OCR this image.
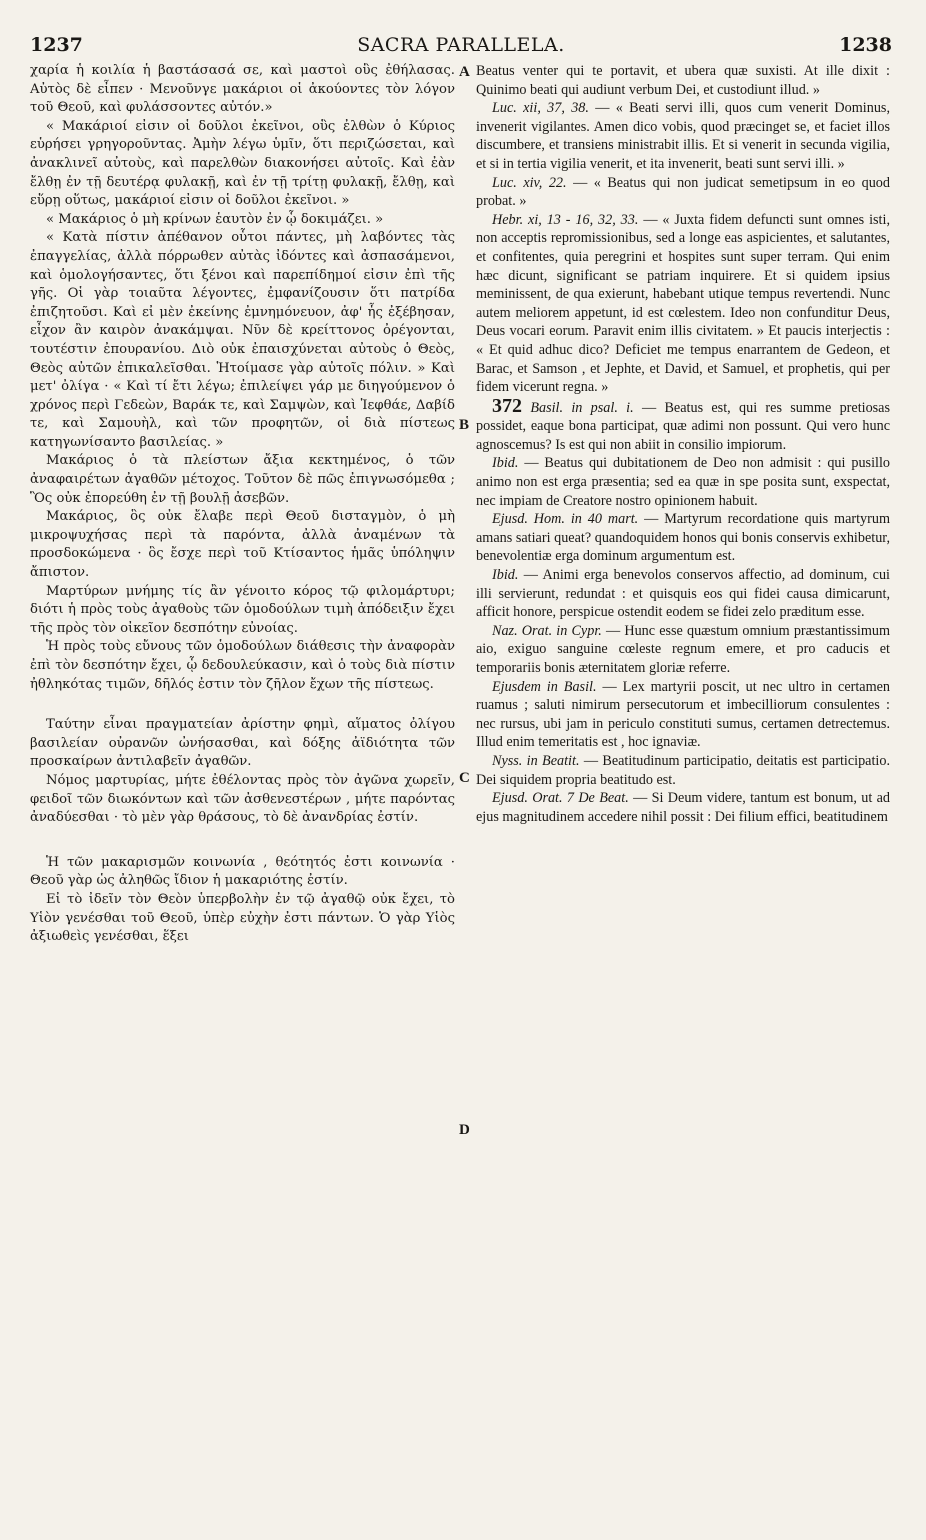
1237	SACRA PARALLELA.	1238
A
B
C
D

χαρία ἡ κοιλία ἡ βαστάσασά σε, καὶ μαστοὶ οὓς ἐθήλασας. Αὐτὸς δὲ εἶπεν · Μενοῦνγε μακάριοι οἱ ἀκούοντες τὸν λόγον τοῦ Θεοῦ, καὶ φυλάσσοντες αὐτόν.»

« Μακάριοί εἰσιν οἱ δοῦλοι ἐκεῖνοι, οὓς ἐλθὼν ὁ Κύριος εὑρήσει γρηγοροῦντας. Ἀμὴν λέγω ὑμῖν, ὅτι περιζώσεται, καὶ ἀνακλινεῖ αὐτοὺς, καὶ παρελθὼν διακονήσει αὐτοῖς. Καὶ ἐὰν ἔλθῃ ἐν τῇ δευτέρᾳ φυλακῇ, καὶ ἐν τῇ τρίτῃ φυλακῇ, ἔλθῃ, καὶ εὕρῃ οὕτως, μακάριοί εἰσιν οἱ δοῦλοι ἐκεῖνοι. »

« Μακάριος ὁ μὴ κρίνων ἑαυτὸν ἐν ᾧ δοκιμάζει. »

« Κατὰ πίστιν ἀπέθανον οὗτοι πάντες, μὴ λαβόντες τὰς ἐπαγγελίας, ἀλλὰ πόρρωθεν αὐτὰς ἰδόντες καὶ ἀσπασάμενοι, καὶ ὁμολογήσαντες, ὅτι ξένοι καὶ παρεπίδημοί εἰσιν ἐπὶ τῆς γῆς. Οἱ γὰρ τοιαῦτα λέγοντες, ἐμφανίζουσιν ὅτι πατρίδα ἐπιζητοῦσι. Καὶ εἰ μὲν ἐκείνης ἐμνημόνευον, ἀφ' ἧς ἐξέβησαν, εἶχον ἂν καιρὸν ἀνακάμψαι. Νῦν δὲ κρείττονος ὀρέγονται, τουτέστιν ἐπουρανίου. Διὸ οὐκ ἐπαισχύνεται αὐτοὺς ὁ Θεὸς, Θεὸς αὐτῶν ἐπικαλεῖσθαι. Ἡτοίμασε γὰρ αὐτοῖς πόλιν. » Καὶ μετ' ὀλίγα · « Καὶ τί ἔτι λέγω; ἐπιλείψει γάρ με διηγούμενον ὁ χρόνος περὶ Γεδεὼν, Βαράκ τε, καὶ Σαμψὼν, καὶ Ἰεφθάε, Δαβίδ τε, καὶ Σαμουὴλ, καὶ τῶν προφητῶν, οἱ διὰ πίστεως κατηγωνίσαντο βασιλείας. »

Μακάριος ὁ τὰ πλείστων ἄξια κεκτημένος, ὁ τῶν ἀναφαιρέτων ἀγαθῶν μέτοχος. Τοῦτον δὲ πῶς ἐπιγνωσόμεθα ; Ὃς οὐκ ἐπορεύθη ἐν τῇ βουλῇ ἀσεβῶν.

Μακάριος, ὃς οὐκ ἔλαβε περὶ Θεοῦ δισταγμὸν, ὁ μὴ μικροψυχήσας περὶ τὰ παρόντα, ἀλλὰ ἀναμένων τὰ προσδοκώμενα · ὃς ἔσχε περὶ τοῦ Κτίσαντος ἡμᾶς ὑπόληψιν ἄπιστον.

Μαρτύρων μνήμης τίς ἂν γένοιτο κόρος τῷ φιλομάρτυρι; διότι ἡ πρὸς τοὺς ἀγαθοὺς τῶν ὁμοδούλων τιμὴ ἀπόδειξιν ἔχει τῆς πρὸς τὸν οἰκεῖον δεσπότην εὐνοίας.

Ἡ πρὸς τοὺς εὔνους τῶν ὁμοδούλων διάθεσις τὴν ἀναφορὰν ἐπὶ τὸν δεσπότην ἔχει, ᾧ δεδουλεύκασιν, καὶ ὁ τοὺς διὰ πίστιν ἠθληκότας τιμῶν, δῆλός ἐστιν τὸν ζῆλον ἔχων τῆς πίστεως.

Ταύτην εἶναι πραγματείαν ἀρίστην φημὶ, αἵματος ὀλίγου βασιλείαν οὐρανῶν ὠνήσασθαι, καὶ δόξης ἀϊδιότητα τῶν προσκαίρων ἀντιλαβεῖν ἀγαθῶν.

Νόμος μαρτυρίας, μήτε ἐθέλοντας πρὸς τὸν ἀγῶνα χωρεῖν, φειδοῖ τῶν διωκόντων καὶ τῶν ἀσθενεστέρων , μήτε παρόντας ἀναδύεσθαι · τὸ μὲν γὰρ θράσους, τὸ δὲ ἀνανδρίας ἐστίν.

Ἡ τῶν μακαρισμῶν κοινωνία , θεότητός ἐστι κοινωνία · Θεοῦ γὰρ ὡς ἀληθῶς ἴδιον ἡ μακαριότης ἐστίν.

Εἰ τὸ ἰδεῖν τὸν Θεὸν ὑπερβολὴν ἐν τῷ ἀγαθῷ οὐκ ἔχει, τὸ Υἱὸν γενέσθαι τοῦ Θεοῦ, ὑπὲρ εὐχὴν ἐστι πάντων. Ὁ γὰρ Υἱὸς ἀξιωθεὶς γενέσθαι, ἕξει

Beatus venter qui te portavit, et ubera quæ suxisti. At ille dixit : Quinimo beati qui audiunt verbum Dei, et custodiunt illud. »

Luc. xii, 37, 38. — « Beati servi illi, quos cum venerit Dominus, invenerit vigilantes. Amen dico vobis, quod præcinget se, et faciet illos discumbere, et transiens ministrabit illis. Et si venerit in secunda vigilia, et si in tertia vigilia venerit, et ita invenerit, beati sunt servi illi. »

Luc. xiv, 22. — « Beatus qui non judicat semetipsum in eo quod probat. »

Hebr. xi, 13 - 16, 32, 33. — « Juxta fidem defuncti sunt omnes isti, non acceptis repromissionibus, sed a longe eas aspicientes, et salutantes, et confitentes, quia peregrini et hospites sunt super terram. Qui enim hæc dicunt, significant se patriam inquirere. Et si quidem ipsius meminissent, de qua exierunt, habebant utique tempus revertendi. Nunc autem meliorem appetunt, id est cœlestem. Ideo non confunditur Deus, Deus vocari eorum. Paravit enim illis civitatem. » Et paucis interjectis : « Et quid adhuc dico? Deficiet me tempus enarrantem de Gedeon, et Barac, et Samson , et Jephte, et David, et Samuel, et prophetis, qui per fidem vicerunt regna. »

372 Basil. in psal. i. — Beatus est, qui res summe pretiosas possidet, eaque bona participat, quæ adimi non possunt. Qui vero hunc agnoscemus? Is est qui non abiit in consilio impiorum.

Ibid. — Beatus qui dubitationem de Deo non admisit : qui pusillo animo non est erga præsentia; sed ea quæ in spe posita sunt, exspectat, nec impiam de Creatore nostro opinionem habuit.

Ejusd. Hom. in 40 mart. — Martyrum recordatione quis martyrum amans satiari queat? quandoquidem honos qui bonis conservis exhibetur, benevolentiæ erga dominum argumentum est.

Ibid. — Animi erga benevolos conservos affectio, ad dominum, cui illi servierunt, redundat : et quisquis eos qui fidei causa dimicarunt, afficit honore, perspicue ostendit eodem se fidei zelo præditum esse.

Naz. Orat. in Cypr. — Hunc esse quæstum omnium præstantissimum aio, exiguo sanguine cœleste regnum emere, et pro caducis et temporariis bonis æternitatem gloriæ referre.

Ejusdem in Basil. — Lex martyrii poscit, ut nec ultro in certamen ruamus ; saluti nimirum persecutorum et imbecilliorum consulentes : nec rursus, ubi jam in periculo constituti sumus, certamen detrectemus. Illud enim temeritatis est , hoc ignaviæ.

Nyss. in Beatit. — Beatitudinum participatio, deitatis est participatio. Dei siquidem propria beatitudo est.

Ejusd. Orat. 7 De Beat. — Si Deum videre, tantum est bonum, ut ad ejus magnitudinem accedere nihil possit : Dei filium effici, beatitudinem
